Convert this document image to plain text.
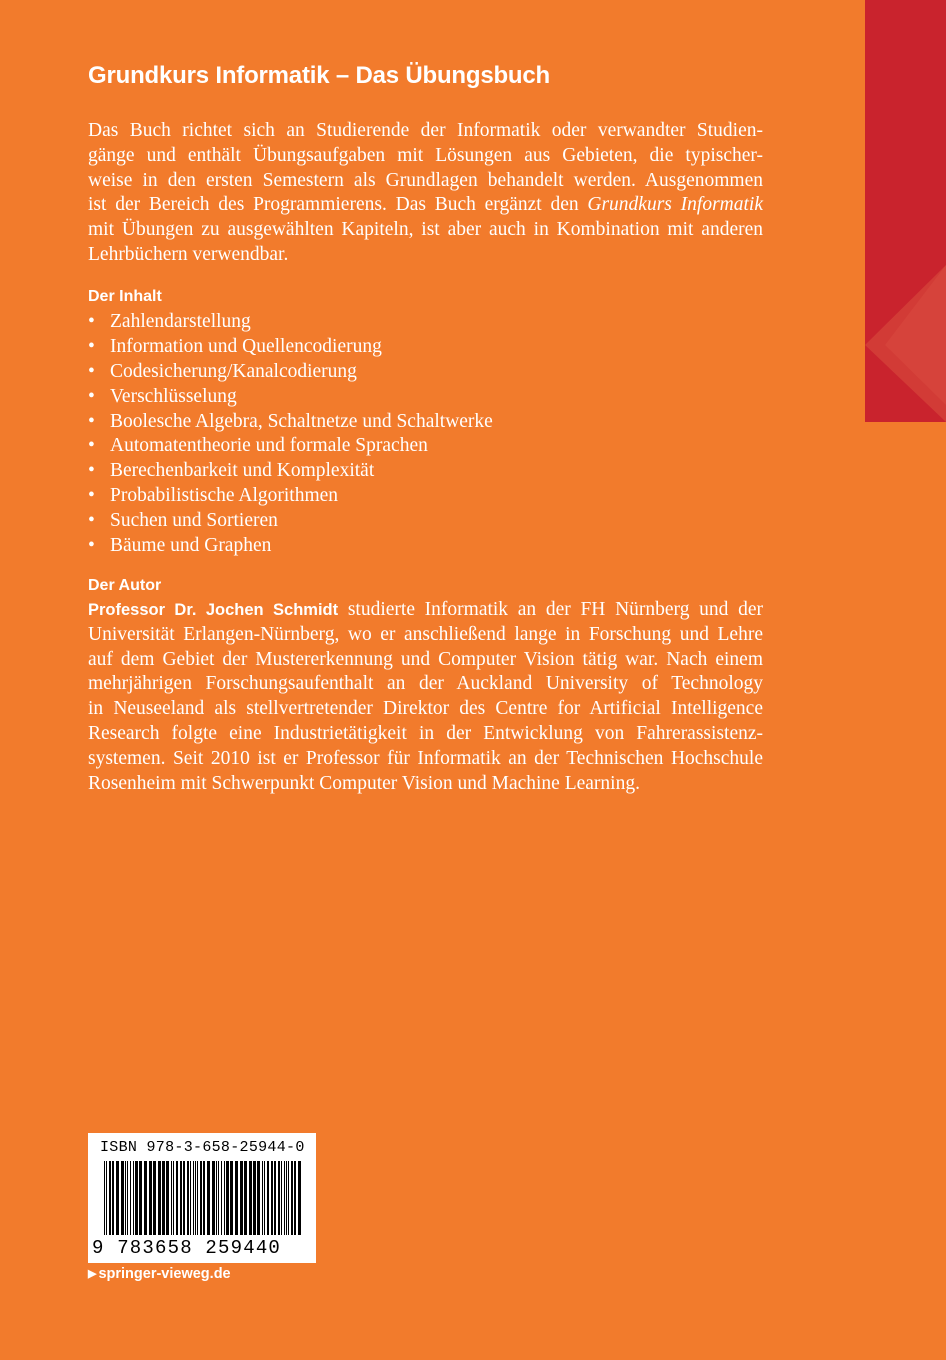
Grundkurs Informatik – Das Übungsbuch
Das Buch richtet sich an Studierende der Informatik oder verwandter Studien-
gänge und enthält Übungsaufgaben mit Lösungen aus Gebieten, die typischer-
weise in den ersten Semestern als Grundlagen behandelt werden. Ausgenommen
ist der Bereich des Programmierens. Das Buch ergänzt den Grundkurs Informatik
mit Übungen zu ausgewählten Kapiteln, ist aber auch in Kombination mit anderen
Lehrbüchern verwendbar.
Der Inhalt
• Zahlendarstellung
• Information und Quellencodierung
• Codesicherung/Kanalcodierung
• Verschlüsselung
• Boolesche Algebra, Schaltnetze und Schaltwerke
• Automatentheorie und formale Sprachen
• Berechenbarkeit und Komplexität
• Probabilistische Algorithmen
• Suchen und Sortieren
• Bäume und Graphen
Der Autor
Professor Dr. Jochen Schmidt studierte Informatik an der FH Nürnberg und der
Universität Erlangen-Nürnberg, wo er anschließend lange in Forschung und Lehre
auf dem Gebiet der Mustererkennung und Computer Vision tätig war. Nach einem
mehrjährigen Forschungsaufenthalt an der Auckland University of Technology
in Neuseeland als stellvertretender Direktor des Centre for Artificial Intelligence
Research folgte eine Industrietätigkeit in der Entwicklung von Fahrerassistenz-
systemen. Seit 2010 ist er Professor für Informatik an der Technischen Hochschule
Rosenheim mit Schwerpunkt Computer Vision und Machine Learning.
ISBN 978-3-658-25944-0
9 783658 259440
▶ springer-vieweg.de
